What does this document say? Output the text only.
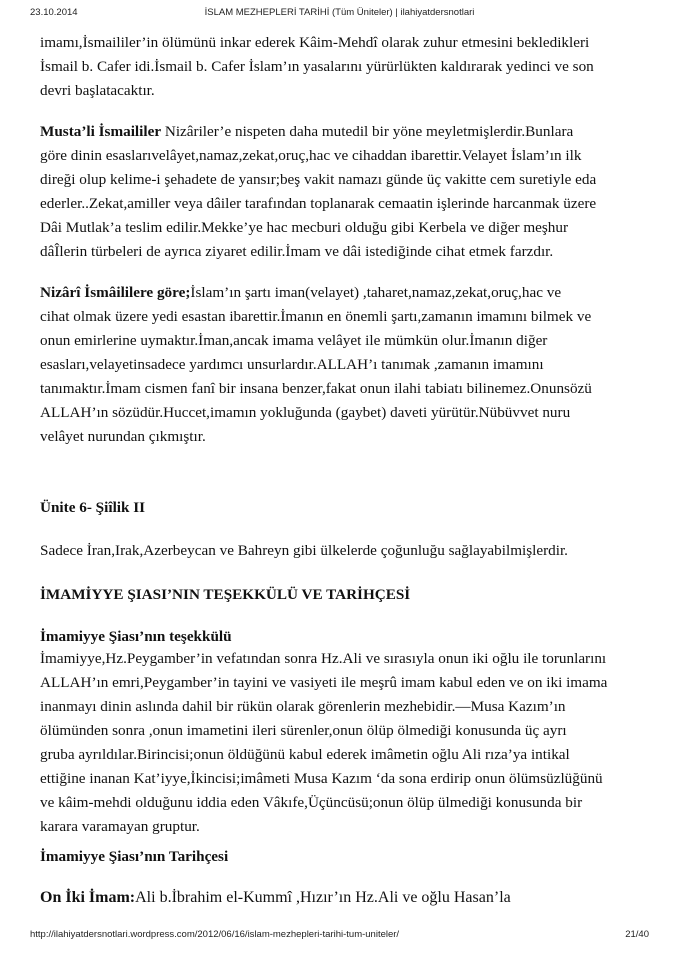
İSLAM MEZHEPLERİ TARİHİ (Tüm Üniteler) | ilahiyatdersnotlari
23.10.2014
imamı,İsmaililer’in ölümünü inkar ederek Kâim-Mehdî olarak zuhur etmesini bekledikleri
İsmail b. Cafer idi.İsmail b. Cafer İslam’ın yasalarını yürürlükten kaldırarak yedinci ve son
devri başlatacaktır.
Musta’li İsmaililer Nizâriler’e nispeten daha mutedil bir yöne meyletmişlerdir.Bunlara
göre dinin esaslarıvelâyet,namaz,zekat,oruç,hac ve cihaddan ibarettir.Velayet İslam’ın ilk
direği olup kelime-i şehadete de yansır;beş vakit namazı günde üç vakitte cem suretiyle eda
ederler..Zekat,amiller veya dâiler tarafından toplanarak cemaatin işlerinde harcanmak üzere
Dâi Mutlak’a teslim edilir.Mekke’ye hac mecburi olduğu gibi Kerbela ve diğer meşhur
dâÎlerin türbeleri de ayrıca ziyaret edilir.İmam ve dâi istediğinde cihat etmek farzdır.
Nizârî İsmâililere göre;İslam’ın şartı iman(velayet) ,taharet,namaz,zekat,oruç,hac ve
cihat olmak üzere yedi esastan ibarettir.İmanın en önemli şartı,zamanın imamını bilmek ve
onun emirlerine uymaktır.İman,ancak imama velâyet ile mümkün olur.İmanın diğer
esasları,velayetinsadece yardımcı unsurlardır.ALLAH’ı tanımak ,zamanın imamını
tanımaktır.İmam cismen fanî bir insana benzer,fakat onun ilahi tabiatı bilinemez.Onunsözü
ALLAH’ın sözüdür.Huccet,imamın yokluğunda (gaybet) daveti yürütür.Nübüvvet nuru
velâyet nurundan çıkmıştır.
Ünite 6- Şiîlik II
Sadece İran,Irak,Azerbeycan ve Bahreyn gibi ülkelerde çoğunluğu sağlayabilmişlerdir.
İMAMİYYE ŞIASI’NIN TEŞEKKÜLÜ VE TARİHÇESİ
İmamiyye Şiası’nın teşekkülü
İmamiyye,Hz.Peygamber’in vefatından sonra Hz.Ali ve sırasıyla onun iki oğlu ile torunlarını
ALLAH’ın emri,Peygamber’in tayini ve vasiyeti ile meşrû imam kabul eden ve on iki imama
inanmayı dinin aslında dahil bir rükün olarak görenlerin mezhebidir.—Musa Kazım’ın
ölümünden sonra ,onun imametini ileri sürenler,onun ölüp ölmediği konusunda üç ayrı
gruba ayrıldılar.Birincisi;onun öldüğünü kabul ederek imâmetin oğlu Ali rıza’ya intikal
ettiğine inanan Kat’iyye,İkincisi;imâmeti Musa Kazım ‘da sona erdirip onun ölümsüzlüğünü
ve kâim-mehdi olduğunu iddia eden Vâkıfe,Üçüncüsü;onun ölüp ülmediği konusunda bir
karara varamayan gruptur.
İmamiyye Şiası’nın Tarihçesi
On İki İmam:Ali b.İbrahim el-Kummî ,Hızır’ın Hz.Ali ve oğlu Hasan’la
http://ilahiyatdersnotlari.wordpress.com/2012/06/16/islam-mezhepleri-tarihi-tum-uniteler/	21/40
